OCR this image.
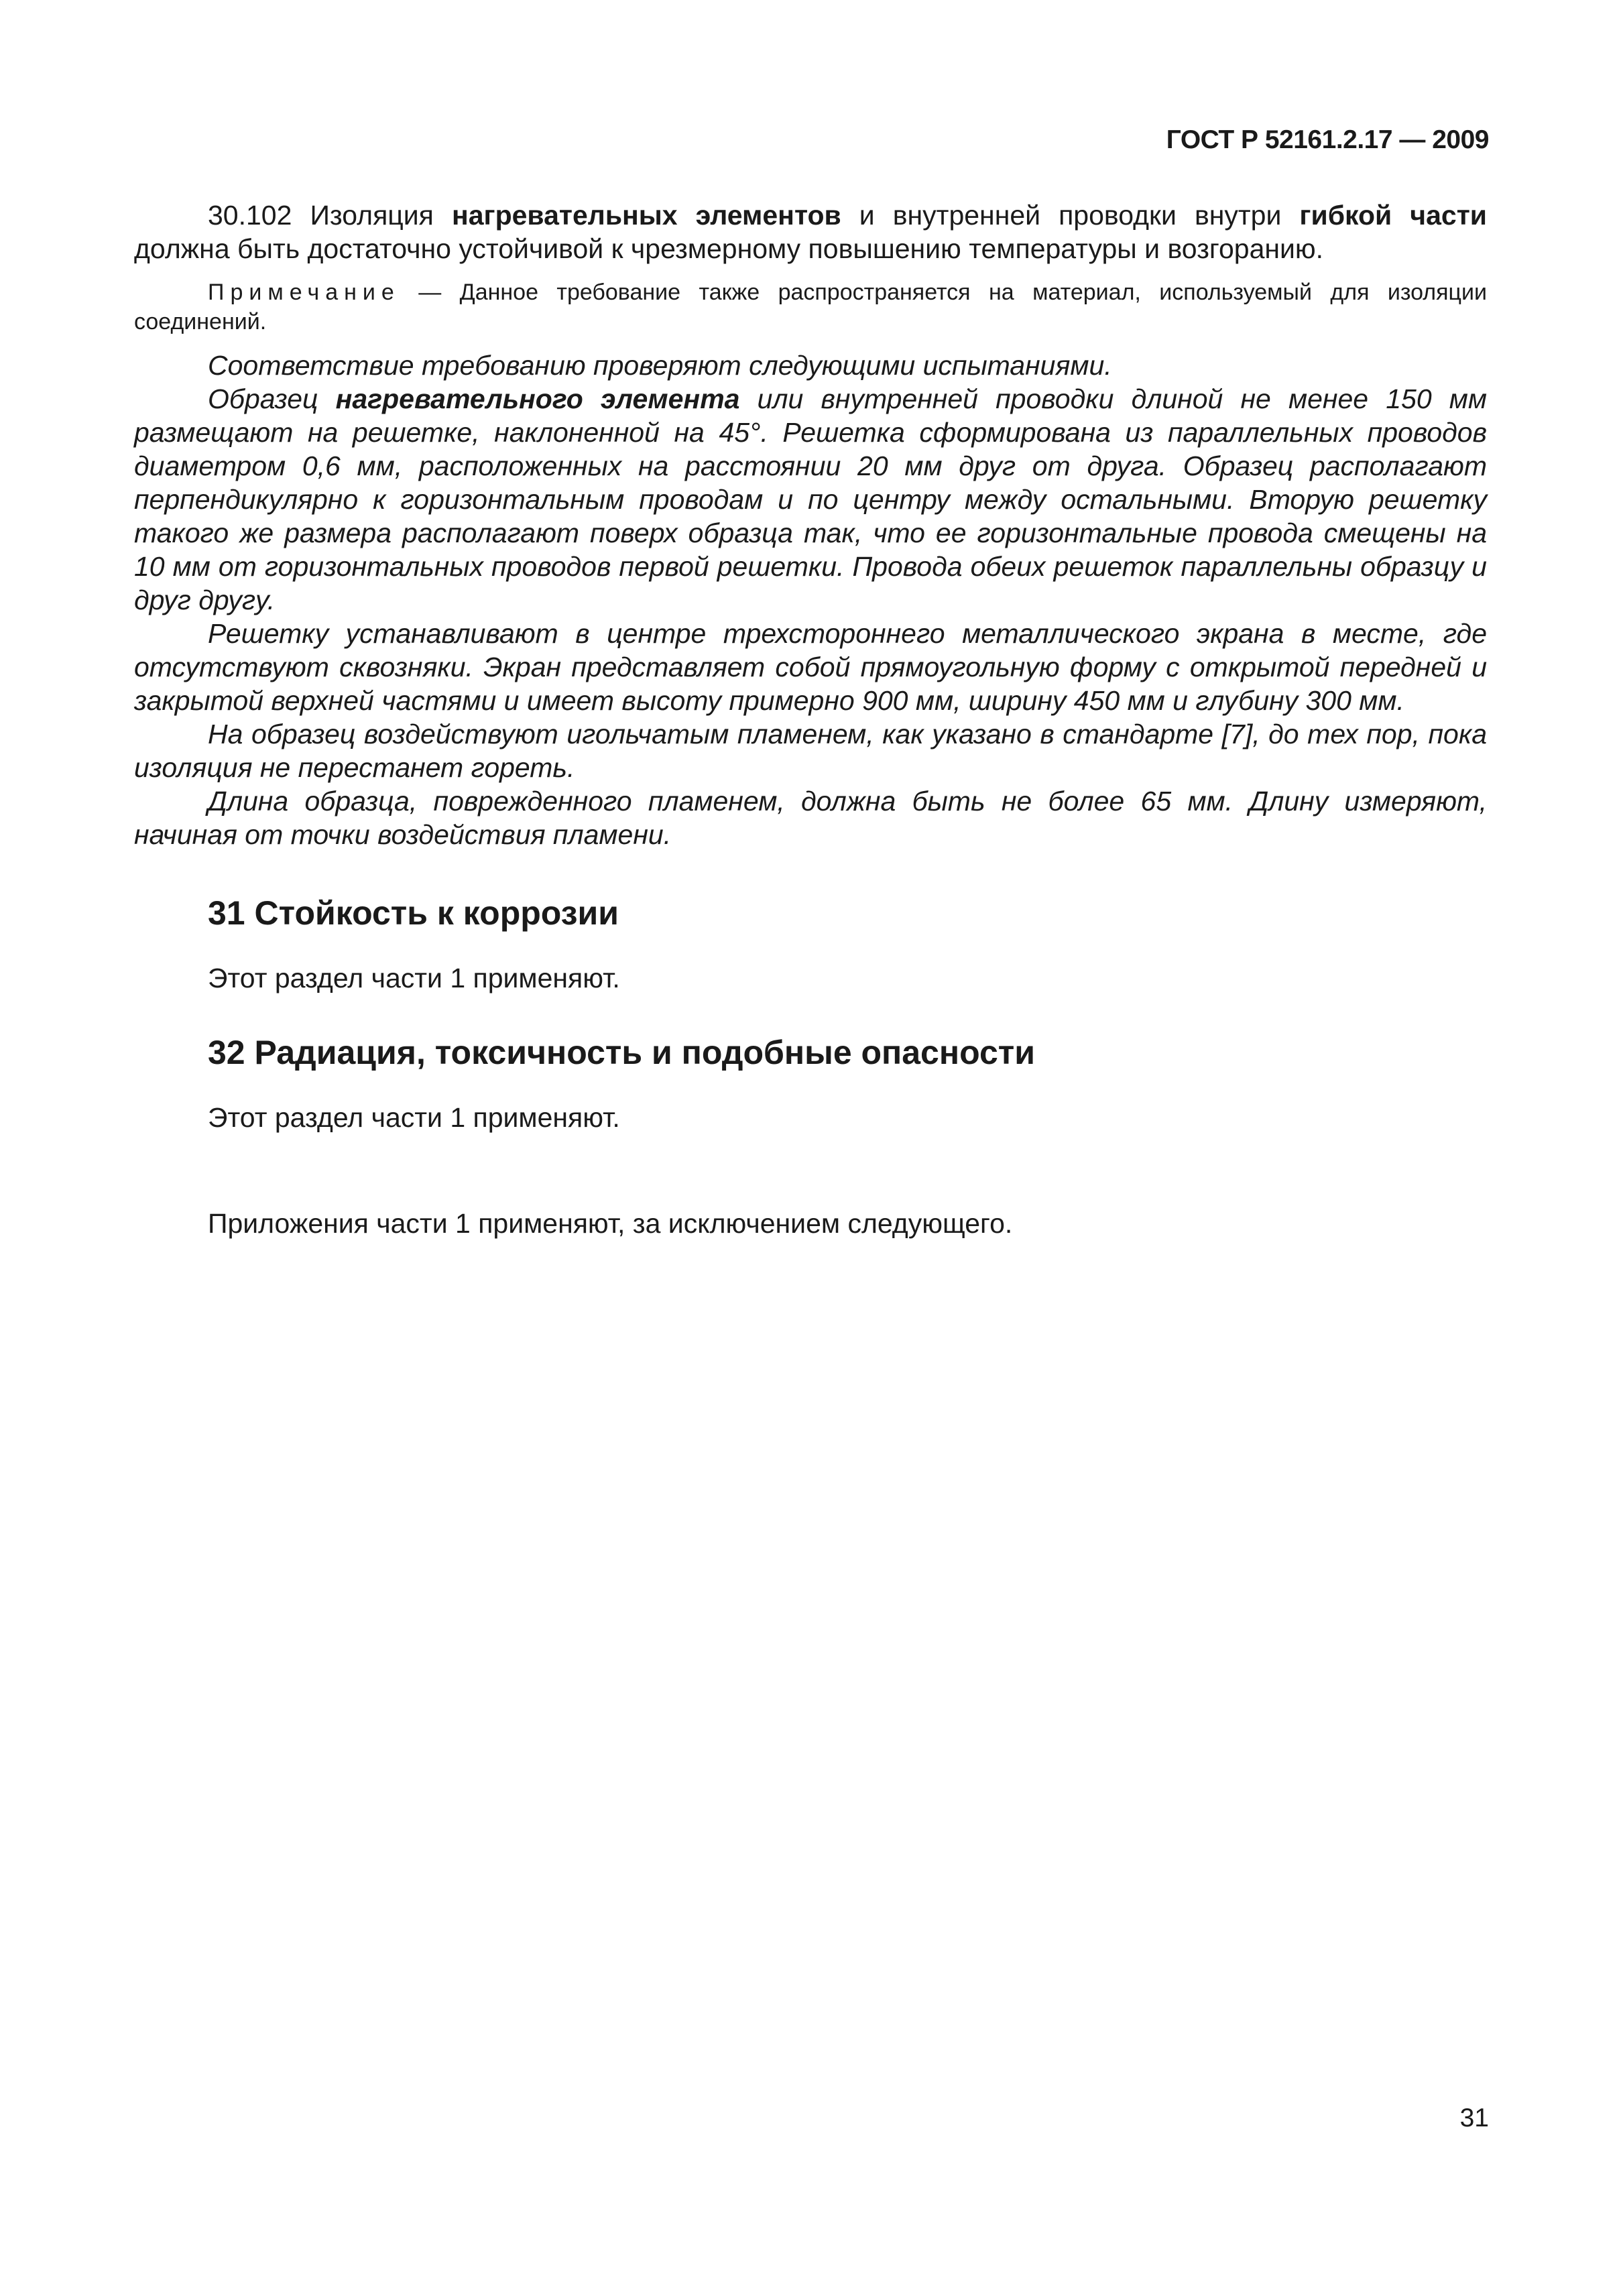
ГОСТ Р 52161.2.17 — 2009

30.102 Изоляция нагревательных элементов и внутренней проводки внутри гибкой части должна быть достаточно устойчивой к чрезмерному повышению температуры и возгоранию.

Примечание — Данное требование также распространяется на материал, используемый для изоляции соединений.

Соответствие требованию проверяют следующими испытаниями.

Образец нагревательного элемента или внутренней проводки длиной не менее 150 мм размещают на решетке, наклоненной на 45°. Решетка сформирована из параллельных проводов диаметром 0,6 мм, расположенных на расстоянии 20 мм друг от друга. Образец располагают перпендикулярно к горизонтальным проводам и по центру между остальными. Вторую решетку такого же размера располагают поверх образца так, что ее горизонтальные провода смещены на 10 мм от горизонтальных проводов первой решетки. Провода обеих решеток параллельны образцу и друг другу.

Решетку устанавливают в центре трехстороннего металлического экрана в месте, где отсутствуют сквозняки. Экран представляет собой прямоугольную форму с открытой передней и закрытой верхней частями и имеет высоту примерно 900 мм, ширину 450 мм и глубину 300 мм.

На образец воздействуют игольчатым пламенем, как указано в стандарте [7], до тех пор, пока изоляция не перестанет гореть.

Длина образца, поврежденного пламенем, должна быть не более 65 мм. Длину измеряют, начиная от точки воздействия пламени.

31 Стойкость к коррозии

Этот раздел части 1 применяют.

32 Радиация, токсичность и подобные опасности

Этот раздел части 1 применяют.

Приложения части 1 применяют, за исключением следующего.

31
